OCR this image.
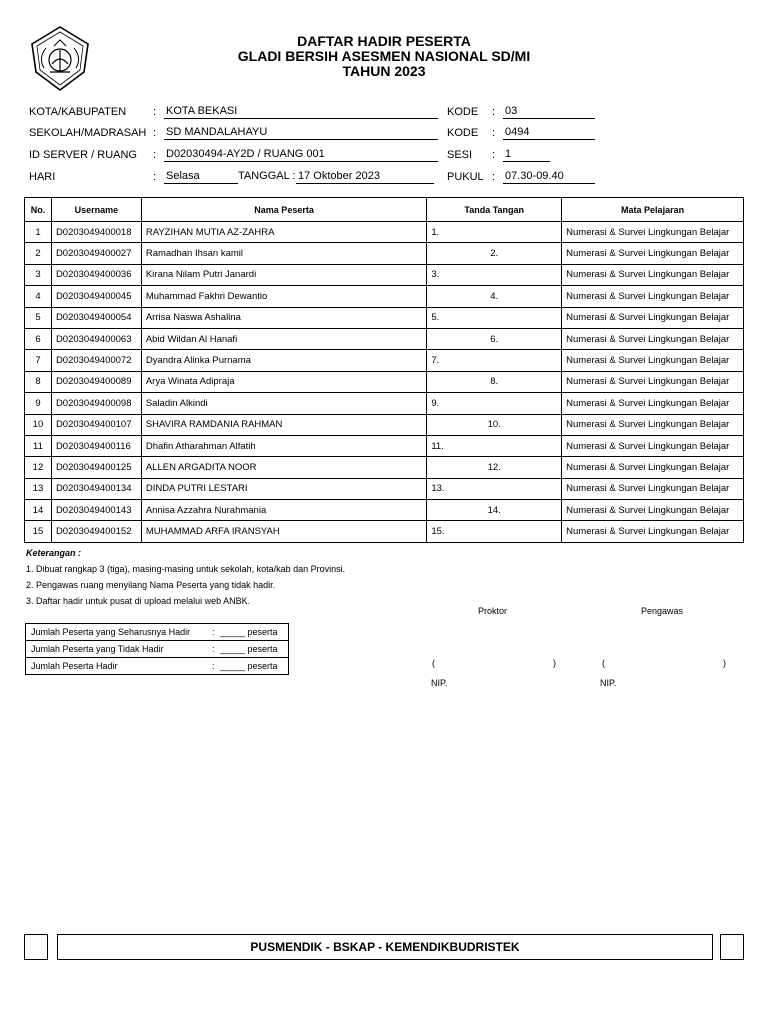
DAFTAR HADIR PESERTA
GLADI BERSIH ASESMEN NASIONAL SD/MI
TAHUN 2023
KOTA/KABUPATEN : KOTA BEKASI	KODE : 03
SEKOLAH/MADRASAH : SD MANDALAHAYU	KODE : 0494
ID SERVER / RUANG : D02030494-AY2D / RUANG 001	SESI : 1
HARI	: Selasa	TANGGAL : 17 Oktober 2023	PUKUL : 07.30-09.40
No.	Username	Nama Peserta	Tanda Tangan	Mata Pelajaran
1	D0203049400018	RAYZIHAN MUTIA AZ-ZAHRA	1.	Numerasi & Survei Lingkungan Belajar
2	D0203049400027	Ramadhan Ihsan kamil	2.	Numerasi & Survei Lingkungan Belajar
3	D0203049400036	Kirana Nilam Putri Janardi	3.	Numerasi & Survei Lingkungan Belajar
4	D0203049400045	Muhammad Fakhri Dewantio	4.	Numerasi & Survei Lingkungan Belajar
5	D0203049400054	Arrisa Naswa Ashalina	5.	Numerasi & Survei Lingkungan Belajar
6	D0203049400063	Abid Wildan Al Hanafi	6.	Numerasi & Survei Lingkungan Belajar
7	D0203049400072	Dyandra Alinka Purnama	7.	Numerasi & Survei Lingkungan Belajar
8	D0203049400089	Arya Winata Adipraja	8.	Numerasi & Survei Lingkungan Belajar
9	D0203049400098	Saladin Alkindi	9.	Numerasi & Survei Lingkungan Belajar
10	D0203049400107	SHAVIRA RAMDANIA RAHMAN	10.	Numerasi & Survei Lingkungan Belajar
11	D0203049400116	Dhafin Atharahman Alfatih	11.	Numerasi & Survei Lingkungan Belajar
12	D0203049400125	ALLEN ARGADITA NOOR	12.	Numerasi & Survei Lingkungan Belajar
13	D0203049400134	DINDA PUTRI LESTARI	13.	Numerasi & Survei Lingkungan Belajar
14	D0203049400143	Annisa Azzahra Nurahmania	14.	Numerasi & Survei Lingkungan Belajar
15	D0203049400152	MUHAMMAD ARFA IRANSYAH	15.	Numerasi & Survei Lingkungan Belajar
Keterangan :
1. Dibuat rangkap 3 (tiga), masing-masing untuk sekolah, kota/kab dan Provinsi.
2. Pengawas ruang menyilang Nama Peserta yang tidak hadir.
3. Daftar hadir untuk pusat di upload melalui web ANBK.
Proktor	Pengawas
Jumlah Peserta yang Seharusnya Hadir : _____ peserta
Jumlah Peserta yang Tidak Hadir	: _____ peserta
Jumlah Peserta Hadir	: _____ peserta	(	)	(	)
NIP.	NIP.
PUSMENDIK - BSKAP - KEMENDIKBUDRISTEK
